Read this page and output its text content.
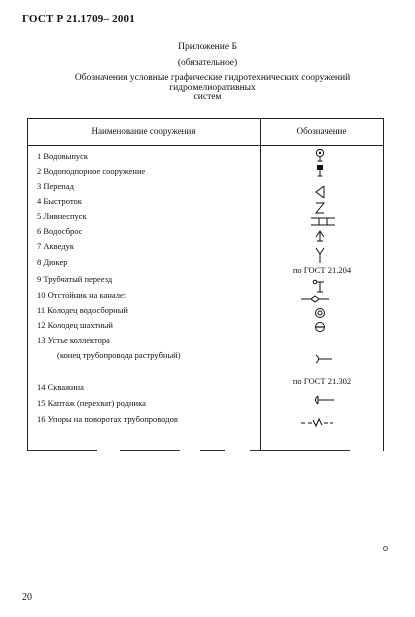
ГОСТ Р 21.1709– 2001
Приложение Б
(обязательное)
Обозначения условные графические гидротехнических сооружений гидромелиоративных
систем
Наименование сооружения	Обозначение
1 Водовыпуск
2 Водоподпорное сооружение
3 Перепад
4 Быстроток
5 Ливнеспуск
6 Водосброс
7 Акведук
8 Дюкер
9 Трубчатый переезд
10 Отстойник на канале:
11 Колодец водосборный
12 Колодец шахтный
13 Устье коллектора
(конец трубопровода раструбный)
14 Скважина
15 Каптаж (перехват) родника
16 Упоры на поворотах трубопроводов
по ГОСТ 21.204
по ГОСТ 21.302
20
